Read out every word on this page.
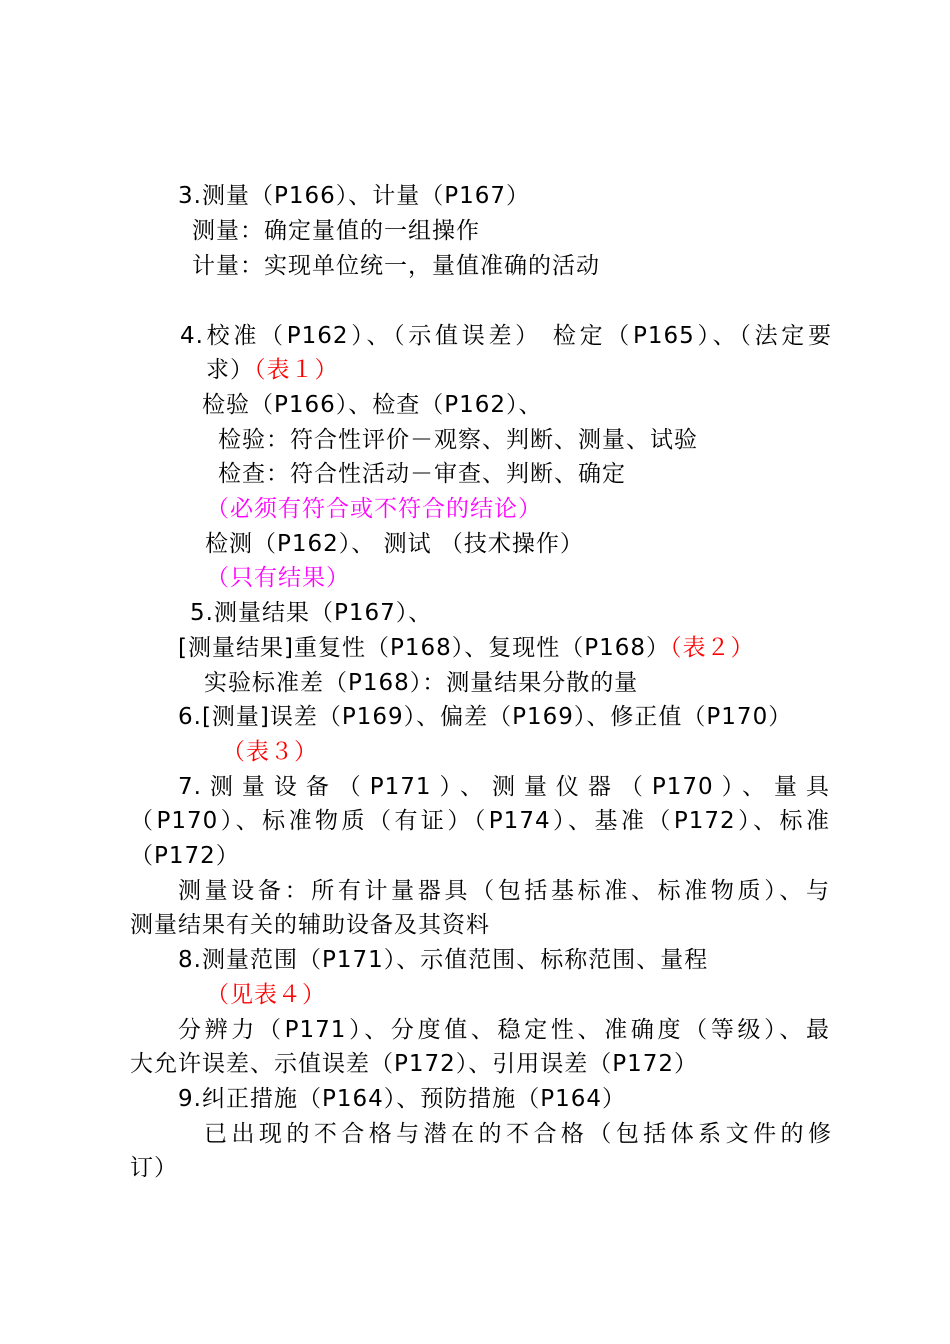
3.测量（P166）、计量（P167）
测量：确定量值的一组操作
计量：实现单位统一，量值准确的活动
4.校准（P162）、（示值误差） 检定（P165）、（法定要
求）（表１）
检验（P166）、检查（P162）、
检验：符合性评价－观察、判断、测量、试验
检查：符合性活动－审查、判断、确定
（必须有符合或不符合的结论）
检测（P162）、 测试 （技术操作）
（只有结果）
5.测量结果（P167）、
[测量结果]重复性（P168）、复现性（P168）（表２）
实验标准差（P168）：测量结果分散的量
6.[测量]误差（P169）、偏差（P169）、修正值（P170）
（表３）
7.测量设备（P171）、测量仪器（P170）、量具
（P170）、标准物质（有证）（P174）、基准（P172）、标准
（P172）
测量设备：所有计量器具（包括基标准、标准物质）、与
测量结果有关的辅助设备及其资料
8.测量范围（P171）、示值范围、标称范围、量程
（见表４）
分辨力（P171）、分度值、稳定性、准确度（等级）、最
大允许误差、示值误差（P172）、引用误差（P172）
9.纠正措施（P164）、预防措施（P164）
已出现的不合格与潜在的不合格（包括体系文件的修
订）
